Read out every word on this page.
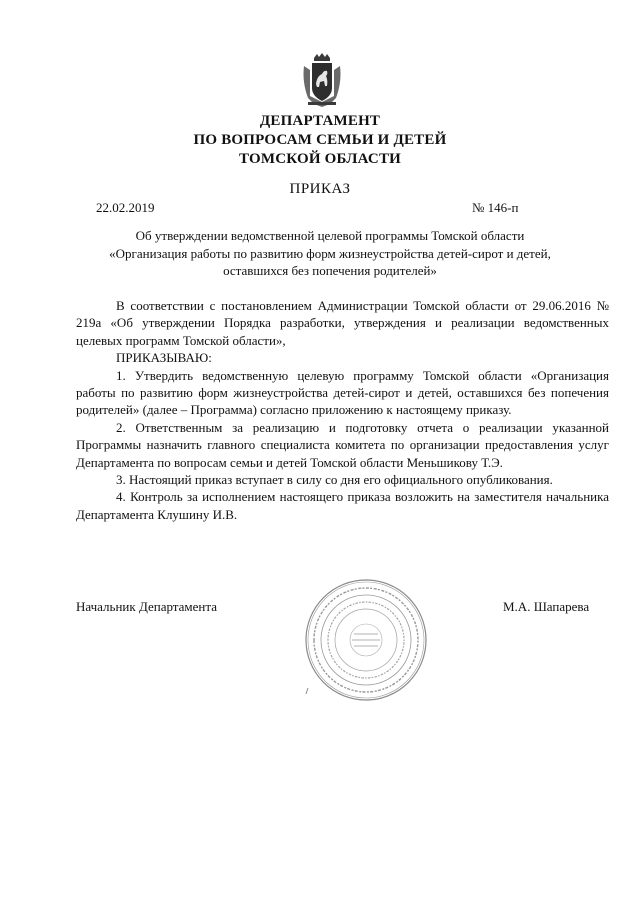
ДЕПАРТАМЕНТ
ПО ВОПРОСАМ СЕМЬИ И ДЕТЕЙ
ТОМСКОЙ ОБЛАСТИ
ПРИКАЗ
22.02.2019	№ 146-п
Об утверждении ведомственной целевой программы Томской области
«Организация работы по развитию форм жизнеустройства детей-сирот и детей,
оставшихся без попечения родителей»

В соответствии с постановлением Администрации Томской области от 29.06.2016 № 219а «Об утверждении Порядка разработки, утверждения и реализации ведомственных целевых программ Томской области»,

ПРИКАЗЫВАЮ:

1. Утвердить ведомственную целевую программу Томской области «Организация работы по развитию форм жизнеустройства детей-сирот и детей, оставшихся без попечения родителей» (далее – Программа) согласно приложению к настоящему приказу.

2. Ответственным за реализацию и подготовку отчета о реализации указанной Программы назначить главного специалиста комитета по организации предоставления услуг Департамента по вопросам семьи и детей Томской области Меньшикову Т.Э.

3. Настоящий приказ вступает в силу со дня его официального опубликования.

4. Контроль за исполнением настоящего приказа возложить на заместителя начальника Департамента Клушину И.В.

Начальник Департамента	М.А. Шапарева
